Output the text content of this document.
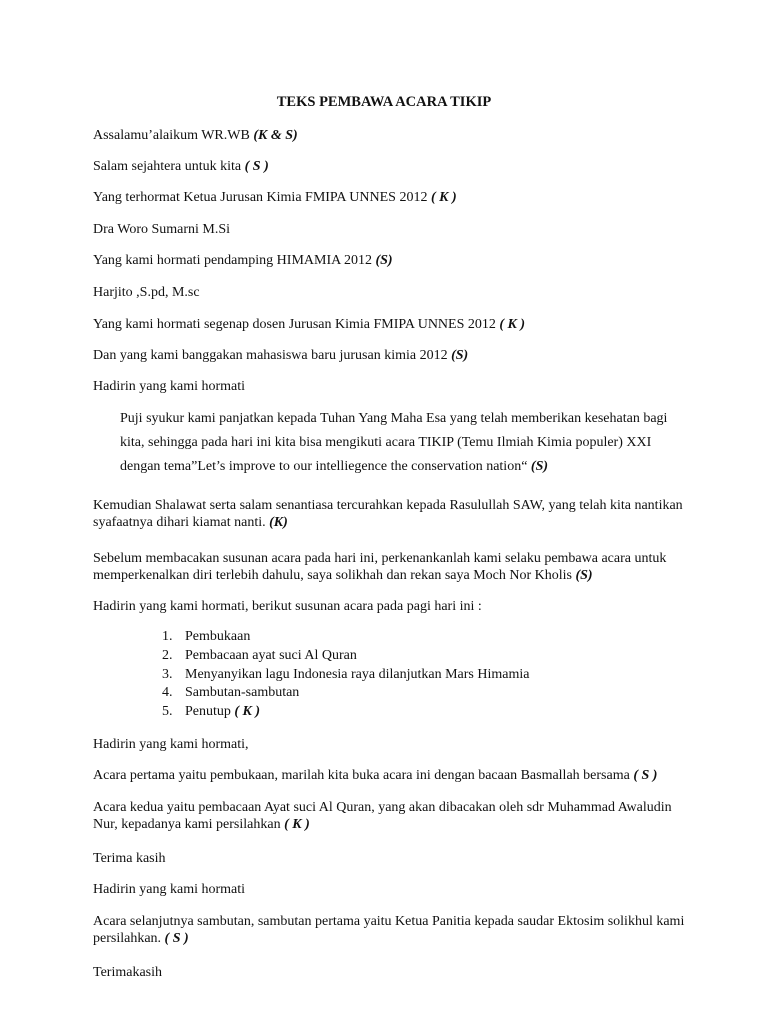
TEKS PEMBAWA ACARA TIKIP
Assalamu’alaikum WR.WB (K & S)
Salam sejahtera untuk kita ( S )
Yang terhormat Ketua Jurusan Kimia FMIPA UNNES 2012 ( K )
Dra Woro Sumarni M.Si
Yang kami hormati pendamping HIMAMIA 2012 (S)
Harjito ,S.pd, M.sc
Yang kami hormati segenap dosen Jurusan Kimia FMIPA UNNES 2012 ( K )
Dan yang kami banggakan mahasiswa baru jurusan kimia 2012 (S)
Hadirin yang kami hormati
Puji syukur kami panjatkan kepada Tuhan Yang Maha Esa yang telah memberikan kesehatan bagi kita, sehingga pada hari ini kita bisa mengikuti acara TIKIP (Temu Ilmiah Kimia populer) XXI dengan tema”Let’s improve to our intelliegence the conservation nation“ (S)
Kemudian Shalawat serta salam senantiasa tercurahkan kepada Rasulullah SAW, yang telah kita nantikan syafaatnya dihari kiamat nanti. (K)
Sebelum membacakan susunan acara pada hari ini, perkenankanlah kami selaku pembawa acara untuk memperkenalkan diri terlebih dahulu, saya solikhah dan rekan saya Moch Nor Kholis (S)
Hadirin yang kami hormati, berikut susunan acara pada pagi hari ini :
1. Pembukaan
2. Pembacaan ayat suci Al Quran
3. Menyanyikan lagu Indonesia raya dilanjutkan Mars Himamia
4. Sambutan-sambutan
5. Penutup ( K )
Hadirin yang kami hormati,
Acara pertama yaitu pembukaan, marilah kita buka acara ini dengan bacaan Basmallah bersama ( S )
Acara kedua yaitu pembacaan Ayat suci Al Quran, yang akan dibacakan oleh sdr Muhammad Awaludin Nur, kepadanya kami persilahkan ( K )
Terima kasih
Hadirin yang kami hormati
Acara selanjutnya sambutan, sambutan pertama yaitu Ketua Panitia kepada saudar Ektosim solikhul kami persilahkan. ( S )
Terimakasih
